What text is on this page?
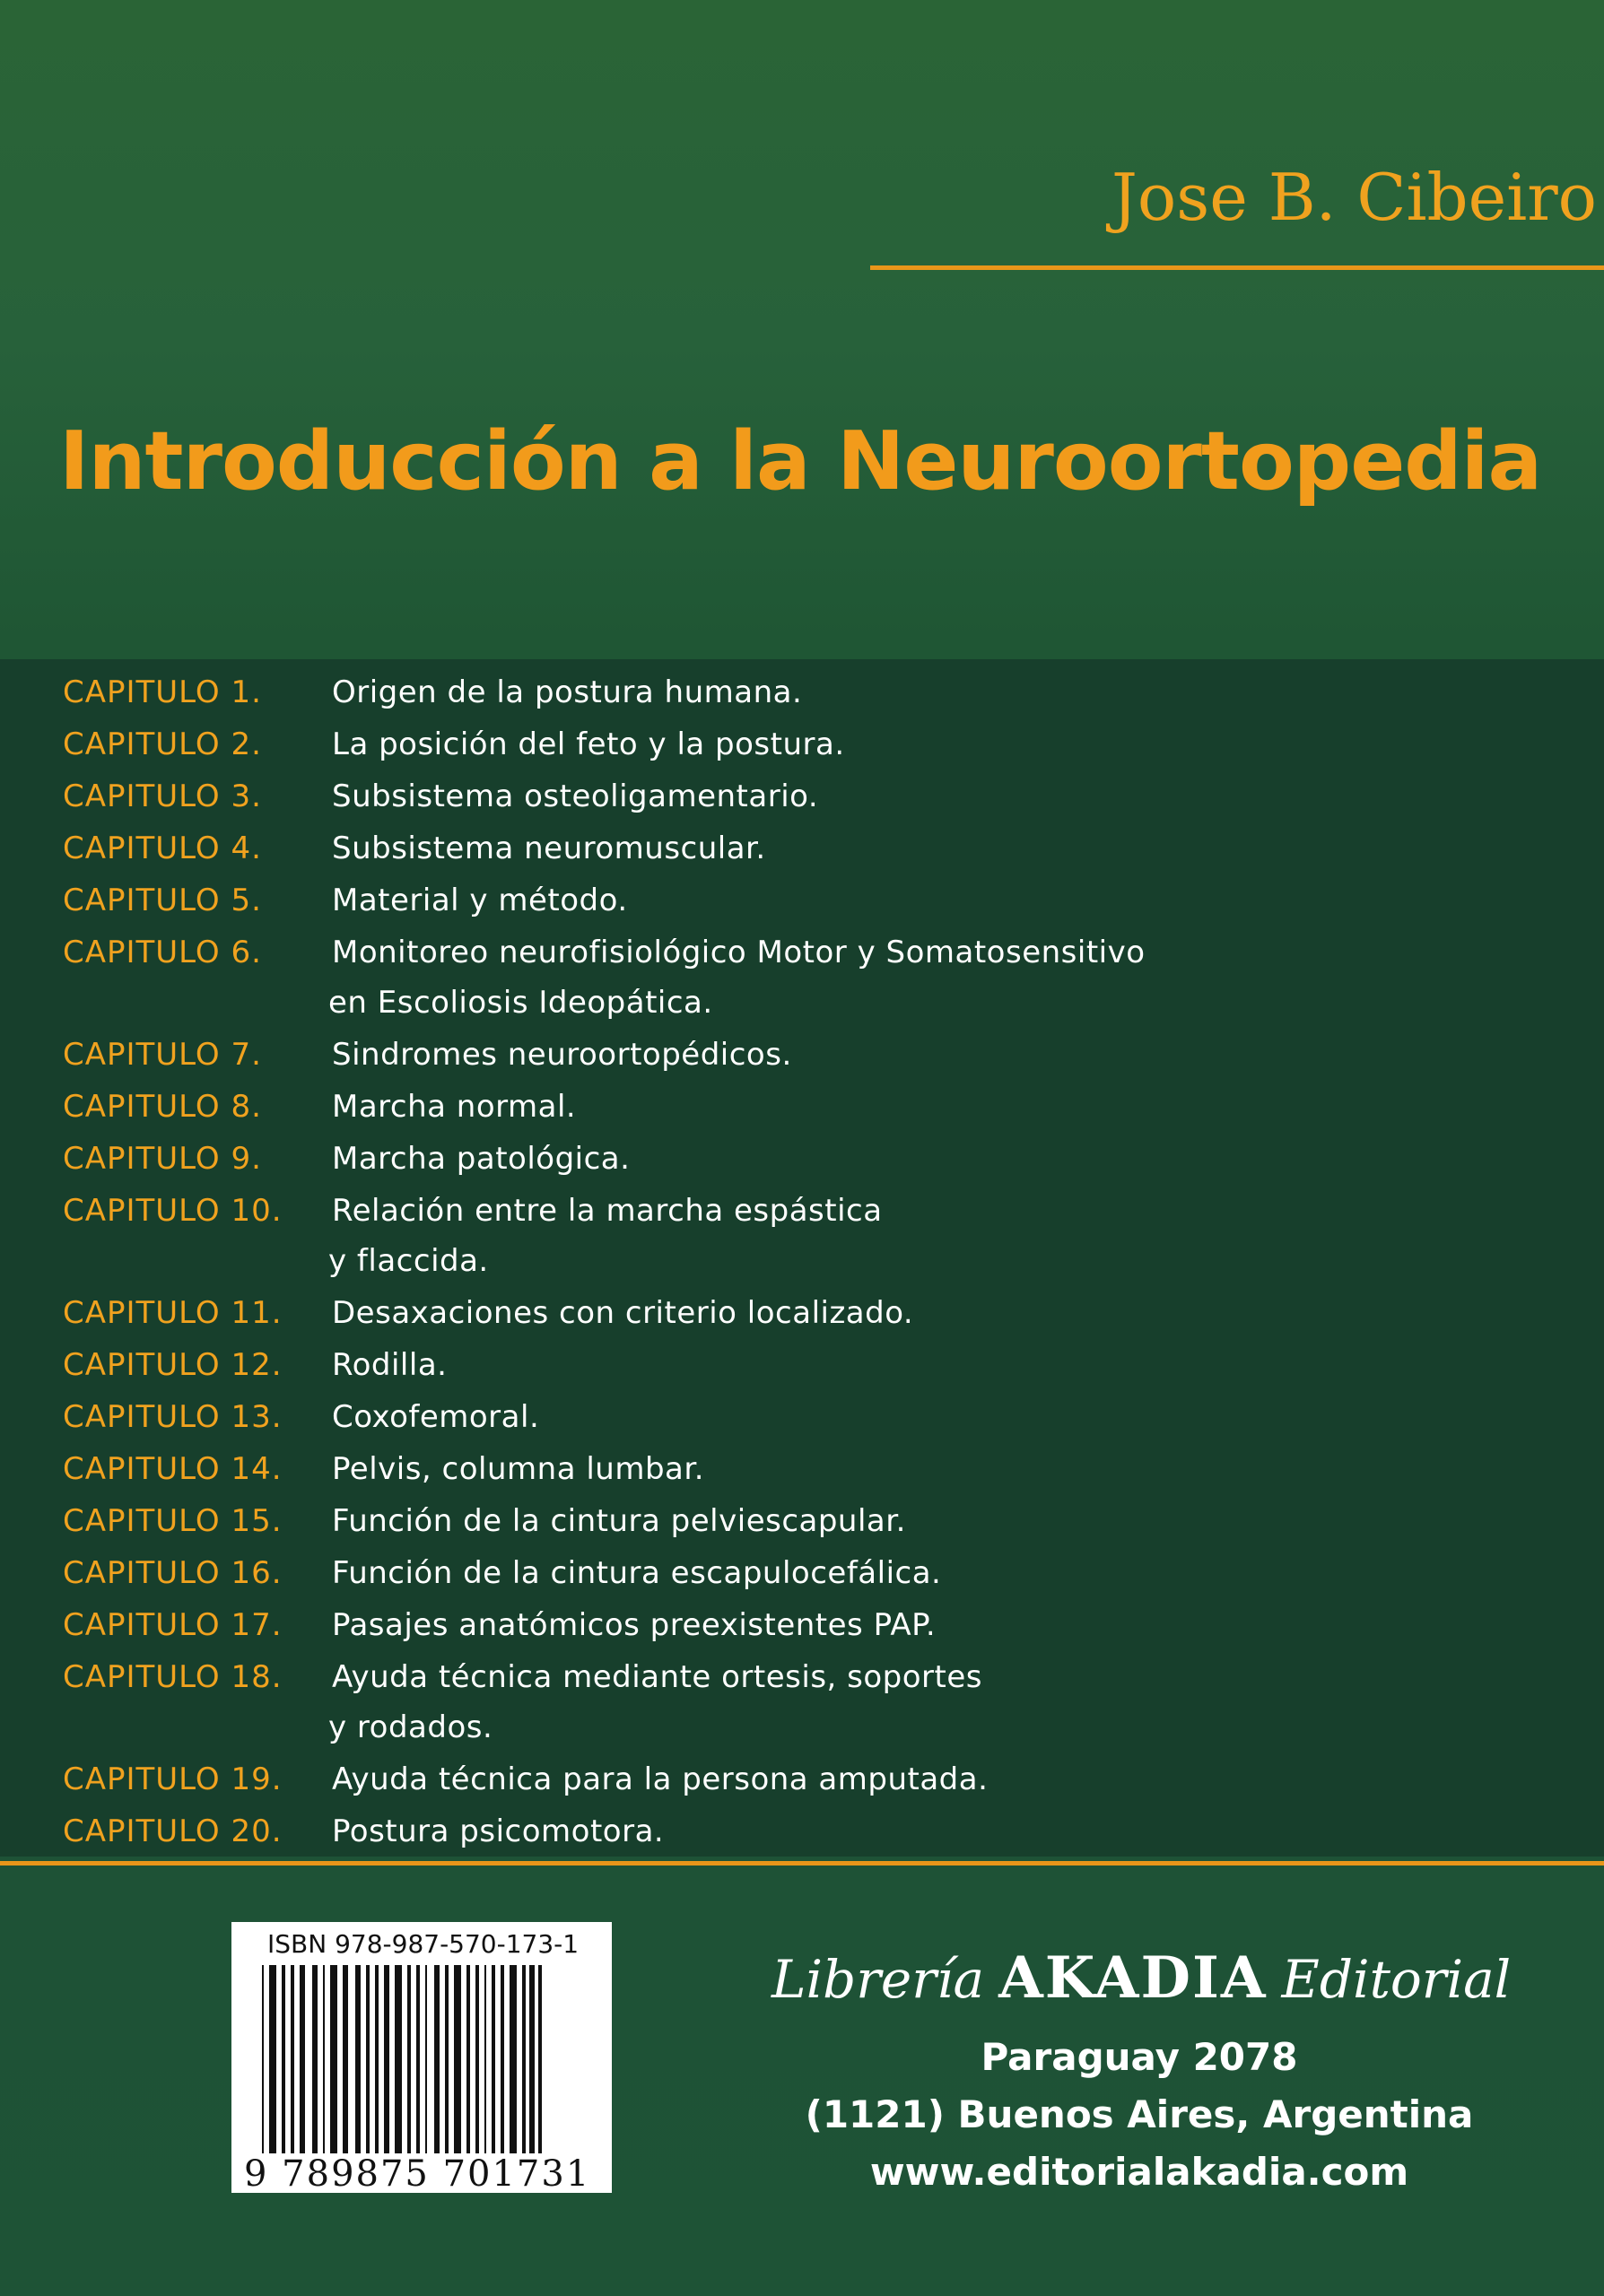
Jose B. Cibeiro
Introducción a la Neuroortopedia
CAPITULO 1.	Origen de la postura humana.
CAPITULO 2.	La posición del feto y la postura.
CAPITULO 3.	Subsistema osteoligamentario.
CAPITULO 4.	Subsistema neuromuscular.
CAPITULO 5.	Material y método.
CAPITULO 6.	Monitoreo neurofisiológico Motor y Somatosensitivo
en Escoliosis Ideopática.
CAPITULO 7.	Sindromes neuroortopédicos.
CAPITULO 8.	Marcha normal.
CAPITULO 9.	Marcha patológica.
CAPITULO 10.	Relación entre la marcha espástica
y flaccida.
CAPITULO 11.	Desaxaciones con criterio localizado.
CAPITULO 12.	Rodilla.
CAPITULO 13.	Coxofemoral.
CAPITULO 14.	Pelvis, columna lumbar.
CAPITULO 15.	Función de la cintura pelviescapular.
CAPITULO 16.	Función de la cintura escapulocefálica.
CAPITULO 17.	Pasajes anatómicos preexistentes PAP.
CAPITULO 18.	Ayuda técnica mediante ortesis, soportes
y rodados.
CAPITULO 19.	Ayuda técnica para la persona amputada.
CAPITULO 20.	Postura psicomotora.
ISBN 978-987-570-173-1
9 789875 701731
Librería AKADIA Editorial
Paraguay 2078
(1121) Buenos Aires, Argentina
www.editorialakadia.com
